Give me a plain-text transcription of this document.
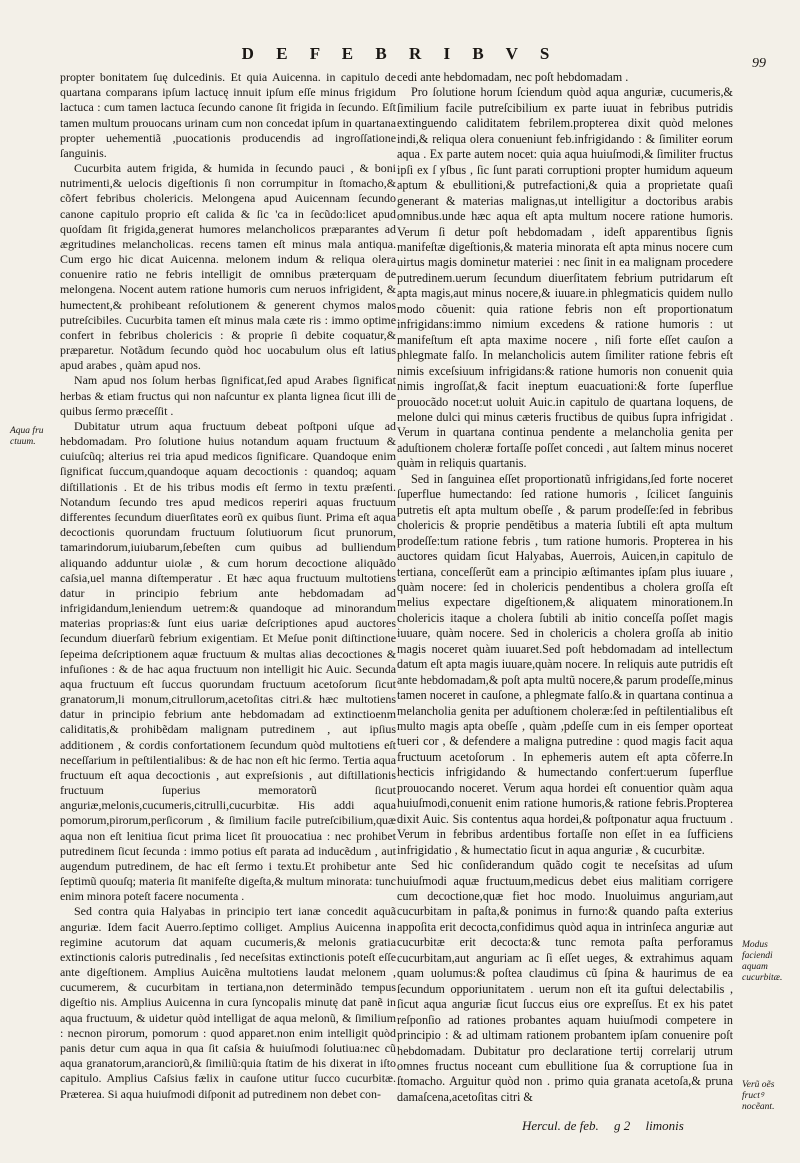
D E F E B R I B V S
99
Aqua fru ctuum.
Modus faciendi aquam cucurbitæ.
Verũ oẽs fructꝰ nocẽant.

propter bonitatem ſuę dulcedinis. Et quia Auicenna. in capitulo de quartana comparans ipſum lactucę innuit ipſum eſſe minus frigidum lactuca : cum tamen lactuca ſecundo canone ſit frigida in ſecundo. Eſt tamen multum prouocans urinam cum non concedat ipſum in quartana propter uehementiã ,puocationis producendis ad ingroſſatione ſanguinis.

Cucurbita autem frigida, & humida in ſecundo pauci , & boni nutrimenti,& uelocis digeſtionis ſi non corrumpitur in ſtomacho,& cõfert febribus cholericis. Melongena apud Auicennam ſecundo canone capitulo proprio eſt calida & ſic 'ca in ſecũdo:licet apud quoſdam ſit frigida,generat humores melancholicos præparantes ad ægritudines melancholicas. recens tamen eſt minus mala antiqua. Cum ergo hic dicat Auicenna. melonem indum & reliqua olera conuenire ratio ne febris intelligit de omnibus præterquam de melongena. Nocent autem ratione humoris cum neruos infrigident, & humectent,& prohibeant reſolutionem & generent chymos malos putreſcibiles. Cucurbita tamen eſt minus mala cæte ris : immo optime confert in febribus cholericis : & proprie ſi debite coquatur,& præparetur. Notãdum ſecundo quòd hoc uocabulum olus eſt latius apud arabes , quàm apud nos.

Nam apud nos ſolum herbas ſignificat,ſed apud Arabes ſignificat herbas & etiam fructus qui non naſcuntur ex planta lignea ſicut illi de quibus ſermo præceſſit .

Dubitatur utrum aqua fructuum debeat poſtponi uſque ad hebdomadam. Pro ſolutione huius notandum aquam fructuum & cuiuſcũq; alterius rei tria apud medicos ſignificare. Quandoque enim ſignificat ſuccum,quandoque aquam decoctionis : quandoq; aquam diſtillationis . Et de his tribus modis eſt ſermo in textu præſenti. Notandum ſecundo tres apud medicos reperiri aquas fructuum differentes ſecundum diuerſitates eorũ ex quibus ſiunt. Prima eſt aqua decoctionis quorundam fructuum ſolutiuorum ſicut prunorum, tamarindorum,iuiubarum,ſebeſten cum quibus ad bulliendum aliquando adduntur uiolæ , & cum horum decoctione aliquãdo caſsia,uel manna diſtemperatur . Et hæc aqua fructuum multotiens datur in principio febrium ante hebdomadam ad infrigidandum,leniendum uetrem:& quandoque ad minorandum materias proprias:& ſunt eius uariæ deſcriptiones apud auctores ſecundum diuerſarũ febrium exigentiam. Et Meſue ponit diſtinctione ſepeima deſcriptionem aquæ fructuum & multas alias decoctiones & infuſiones : & de hac aqua fructuum non intelligit hic Auic. Secunda aqua fructuum eſt ſuccus quorundam fructuum acetoſorum ſicut granatorum,li monum,citrullorum,acetoſitas citri.& hæc multotiens datur in principio febrium ante hebdomadam ad extinctioenm caliditatis,& prohibẽdam malignam putredinem , aut ipſius additionem , & cordis confortationem ſecundum quòd multotiens eſt neceſſarium in peſtilentialibus: & de hac non eſt hic ſermo. Tertia aqua fructuum eſt aqua decoctionis , aut expreſsionis , aut diſtillationis fructuum ſuperius memoratorũ ſicut anguriæ,melonis,cucumeris,citrulli,cucurbitæ. His addi aqua pomorum,pirorum,perſicorum , & ſimilium facile putreſcibilium,quæ aqua non eſt lenitiua ſicut prima licet ſit prouocatiua : nec prohibet putredinem ſicut ſecunda : immo potius eſt parata ad inducẽdum , aut augendum putredinem, de hac eſt ſermo i textu.Et prohibetur ante ſeptimũ quouſq; materia ſit manifeſte digeſta,& multum minorata: tunc enim minora poteſt facere nocumenta .

Sed contra quia Halyabas in principio tert ianæ concedit aquã anguriæ. Idem facit Auerro.ſeptimo colliget. Amplius Auicenna in regimine acutorum dat aquam cucumeris,& melonis gratia extinctionis caloris putredinalis , ſed neceſsitas extinctionis poteſt eſſe ante digeſtionem. Amplius Auicẽna multotiens laudat melonem , cucumerem, & cucurbitam in tertiana,non determinãdo tempus digeſtio nis. Amplius Auicenna in cura ſyncopalis minutę dat panẽ in aqua fructuum, & uidetur quòd intelligat de aqua melonũ, & ſimilium : necnon pirorum, pomorum : quod apparet.non enim intelligit quòd panis detur cum aqua in qua ſit caſsia & huiuſmodi ſolutiua:nec cũ aqua granatorum,aranciorũ,& ſimiliũ:quia ſtatim de his dixerat in iſto capitulo. Amplius Caſsius fælix in cauſone utitur ſucco cucurbitæ. Præterea. Si aqua huiuſmodi diſponit ad putredinem non debet con-

cedi ante hebdomadam, nec poſt hebdomadam .

Pro ſolutione horum ſciendum quòd aqua anguriæ, cucumeris,& ſimilium facile putreſcibilium ex parte iuuat in febribus putridis extinguendo caliditatem febrilem.propterea dixit quòd melones indi,& reliqua olera conueniunt feb.infrigidando : & ſimiliter eorum aqua . Ex parte autem nocet: quia aqua huiuſmodi,& ſimiliter fructus ipſi ex ſ yſbus , ſic ſunt parati corruptioni propter humidum aqueum aptum & ebullitioni,& putrefactioni,& quia a proprietate quaſi generant & materias malignas,ut intelligitur a doctoribus arabis omnibus.unde hæc aqua eſt apta multum nocere ratione humoris. Verum ſi detur poſt hebdomadam , ideſt apparentibus ſignis manifeſtæ digeſtionis,& materia minorata eſt apta minus nocere cum uirtus magis dominetur materiei : nec ſinit in ea malignam procedere putredinem.uerum ſecundum diuerſitatem febrium putridarum eſt apta magis,aut minus nocere,& iuuare.in phlegmaticis quidem nullo modo cõuenit: quia ratione febris non eſt proportionatum infrigidans:immo nimium excedens & ratione humoris : ut manifeſtum eſt apta maxime nocere , niſi forte eſſet cauſon a phlegmate falſo. In melancholicis autem ſimiliter ratione febris eſt nimis exceſsiuum infrigidans:& ratione humoris non conuenit quia nimis ingroſſat,& facit ineptum euacuationi:& forte ſuperflue prouocãdo nocet:ut uoluit Auic.in capitulo de quartana loquens, de melone dulci qui minus cæteris fructibus de quibus ſupra infrigidat . Verum in quartana continua pendente a melancholia genita per aduſtionem choleræ fortaſſe poſſet concedi , aut ſaltem minus noceret quàm in reliquis quartanis.

Sed in ſanguinea eſſet proportionatũ infrigidans,ſed forte noceret ſuperflue humectando: ſed ratione humoris , ſcilicet ſanguinis putretis eſt apta multum obeſſe , & parum prodeſſe:ſed in febribus cholericis & proprie pendẽtibus a materia ſubtili eſt apta multum prodeſſe:tum ratione febris , tum ratione humoris. Propterea in his auctores quidam ſicut Halyabas, Auerrois, Auicen,in capitulo de tertiana, conceſſerũt eam a principio æſtimantes ipſam plus iuuare , quàm nocere: ſed in cholericis pendentibus a cholera groſſa eſt melius expectare digeſtionem,& aliquatem minorationem.In cholericis itaque a cholera ſubtili ab initio conceſſa poſſet magis iuuare, quàm nocere. Sed in cholericis a cholera groſſa ab initio magis noceret quàm iuuaret.Sed poſt hebdomadam ad intellectum datum eſt apta magis iuuare,quàm nocere. In reliquis aute putridis eſt ante hebdomadam,& poſt apta multũ nocere,& parum prodeſſe,minus tamen noceret in cauſone, a phlegmate falſo.& in quartana continua a melancholia genita per aduſtionem choleræ:ſed in peſtilentialibus eſt multo magis apta obeſſe , quàm ,pdeſſe cum in eis ſemper oporteat tueri cor , & defendere a maligna putredine : quod magis facit aqua fructuum acetoſorum . In ephemeris autem eſt apta cõferre.In hecticis infrigidando & humectando confert:uerum ſuperflue prouocando noceret. Verum aqua hordei eſt conuentior quàm aqua huiuſmodi,conuenit enim ratione humoris,& ratione febris.Propterea dixit Auic. Sis contentus aqua hordei,& poſtponatur aqua fructuum . Verum in febribus ardentibus fortaſſe non eſſet in ea ſufficiens infrigidatio , & humectatio ſicut in aqua anguriæ , & cucurbitæ.

Sed hic conſiderandum quãdo cogit te neceſsitas ad uſum huiuſmodi aquæ fructuum,medicus debet eius malitiam corrigere cum decoctione,quæ fiet hoc modo. Inuoluimus anguriam,aut cucurbitam in paſta,& ponimus in furno:& quando paſta exterius appoſita erit decocta,confidimus quòd aqua in intrinſeca anguriæ aut cucurbitæ erit decocta:& tunc remota paſta perforamus cucurbitam,aut anguriam ac ſi eſſet ueges, & extrahimus aquam quam uolumus:& poſtea claudimus cũ ſpina & haurimus de ea ſecundum opporiunitatem . uerum non eſt ita guſtui delectabilis , ſicut aqua anguriæ ſicut ſuccus eius ore expreſſus. Et ex his patet reſponſio ad rationes probantes aquam huiuſmodi competere in principio : & ad ultimam rationem probantem ipſam conuenire poſt hebdomadam. Dubitatur pro declaratione tertij correlarij utrum omnes fructus noceant cum ebullitione ſua & corruptione ſua in ſtomacho. Arguitur quòd non . primo quia granata acetoſa,& pruna damaſcena,acetoſitas citri &

Hercul. de feb. g 2 limonis
